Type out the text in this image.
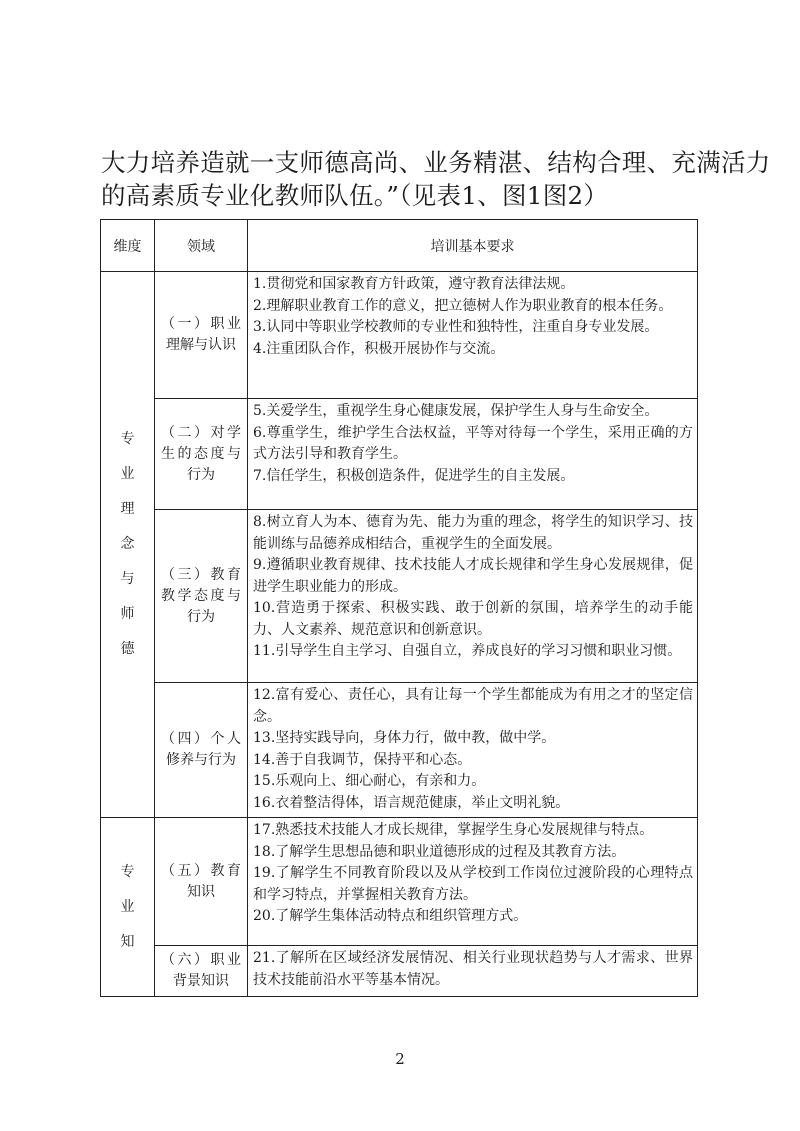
大力培养造就一支师德高尚、业务精湛、结构合理、充满活力
的高素质专业化教师队伍。”（见表1、图1图2）
维度	领域	培训基本要求
专业理念与师德	（一）职业理解与认识	1.贯彻党和国家教育方针政策，遵守教育法律法规。
2.理解职业教育工作的意义，把立德树人作为职业教育的根本任务。
3.认同中等职业学校教师的专业性和独特性，注重自身专业发展。
4.注重团队合作，积极开展协作与交流。

	（二）对学生的态度与行为	5.关爱学生，重视学生身心健康发展，保护学生人身与生命安全。
6.尊重学生，维护学生合法权益，平等对待每一个学生，采用正确的方式方法引导和教育学生。
7.信任学生，积极创造条件，促进学生的自主发展。

	（三）教育教学态度与行为	8.树立育人为本、德育为先、能力为重的理念，将学生的知识学习、技能训练与品德养成相结合，重视学生的全面发展。
9.遵循职业教育规律、技术技能人才成长规律和学生身心发展规律，促进学生职业能力的形成。
10.营造勇于探索、积极实践、敢于创新的氛围，培养学生的动手能力、人文素养、规范意识和创新意识。
11.引导学生自主学习、自强自立，养成良好的学习习惯和职业习惯。

	（四）个人修养与行为	12.富有爱心、责任心，具有让每一个学生都能成为有用之才的坚定信念。
13.坚持实践导向，身体力行，做中教，做中学。
14.善于自我调节，保持平和心态。
15.乐观向上、细心耐心，有亲和力。
16.衣着整洁得体，语言规范健康，举止文明礼貌。

专业知	（五）教育知识	17.熟悉技术技能人才成长规律，掌握学生身心发展规律与特点。
18.了解学生思想品德和职业道德形成的过程及其教育方法。
19.了解学生不同教育阶段以及从学校到工作岗位过渡阶段的心理特点和学习特点，并掌握相关教育方法。
20.了解学生集体活动特点和组织管理方式。

	（六）职业背景知识	21.了解所在区域经济发展情况、相关行业现状趋势与人才需求、世界技术技能前沿水平等基本情况。
2
